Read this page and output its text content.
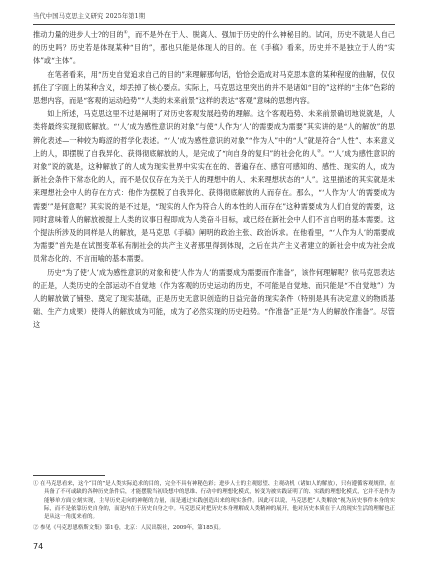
当代中国马克思主义研究 2025年第1期

推动力量的进步人士?的目的①，而不是外在于人、脱离人、强加于历史的什么神秘目的。试问，历史不就是人自己的历史吗？历史若是体现某种“目的”，那也只能是体现人的目的。在《手稿》看来，历史并不是独立于人的“实体”或“主体”。

在笔者看来，用“历史自觉追求自己的目的”来理解那句话，恰恰会造成对马克思本意的某种程度的曲解，仅仅抓住了字面上的某种含义，却丢掉了核心要点。实际上，马克思这里突出的并不是诸如“目的”这样的“主体”色彩的思想内容，而是“客观的运动趋势”“人类的未来前景”这样的表达“客观”意味的思想内容。

如上所述，马克思这里不过是阐明了对历史客观发展趋势的理解。这个客观趋势、未来前景确切地说就是，人类将最终实现彻底解放。“‘人’成为感性意识的对象”与使“人作为‘人’的需要成为需要”其实讲的是“人的解放”的思辨化表述—一种较为晦涩的哲学化表述。“‘人’成为感性意识的对象”“作为人”中的“人”就是符合“人性”、本来意义上的人，即摆脱了自我异化、获得彻底解放的人，是完成了“向自身的复归”的社会化的人②。“‘人’成为感性意识的对象”说的就是，这种解放了的人成为现实世界中实实在在的、普遍存在、感官可感知的、感性、现实的人，成为新社会条件下常态化的人，而不是仅仅存在为关于人的理想中的人、未来理想状态的“人”。这里描述的其实就是未来理想社会中人的存在方式：他作为摆脱了自我异化、获得彻底解放的人而存在。那么，“‘人作为‘人’的需要成为需要’”是何意呢？其实说的是不过是，“现实的人作为符合人的本性的人而存在”这种需要成为人们自觉的需要，这同时意味着人的解放被提上人类的议事日程即成为人类奋斗目标，或已经在新社会中人们不言自明的基本需要。这个提法所涉及的同样是人的解放，是马克思《手稿》阐明的政治主张、政治诉求。在他看里，“‘人作为人’的需要成为需要”首先是在试图变革私有制社会的共产主义者那里得到体现，之后在共产主义者建立的新社会中成为社会成员常态化的、不言而喻的基本需要。

历史“为了使‘人’成为感性意识的对象和使‘人作为人’的需要成为需要而作准备”，该作何理解呢？依马克思表达的正是，人类历史的全部运动不自觉地（作为客观的历史运动的历史，不可能是自觉地、而只能是“不自觉地”）为人的解放做了铺垫、奠定了现实基础，正是历史无意识创造的日益完备的现实条件（特别是具有决定意义的物质基础、生产力成果）使得人的解放成为可能，成为了必然实现的历史趋势。“作准备”正是“为人的解放作准备”。尽管这

① 在马克思看来，这个“目的”是人类实际追求的目的，完全不具有神秘色彩；进步人士的主观愿望、主观动机（诸如人的解放），只有遵循客观规律，在具备了不可或缺的各种历史条件后，才能摆脱当初设想中的思维、行动中的理想化模式，转变为被实践证明了的、实践的理想化模式，它并不是作为能够单方面立刻实现，主导历史走向的神秘的力量，而是通过实践创造出来的现实条件。因此可以说，马克思把“人类解放”视为历史事件本身的实际，而不是依靠历史自身的，而是内在于历史自身之中。马克思反对把历史本身理解成人类精神的展开，他对历史本质在于人的现实生活的理解也正是从这一角度来看的。

② 参见《马克思恩格斯文集》第1卷，北京：人民出版社，2009年，第185页。

74
